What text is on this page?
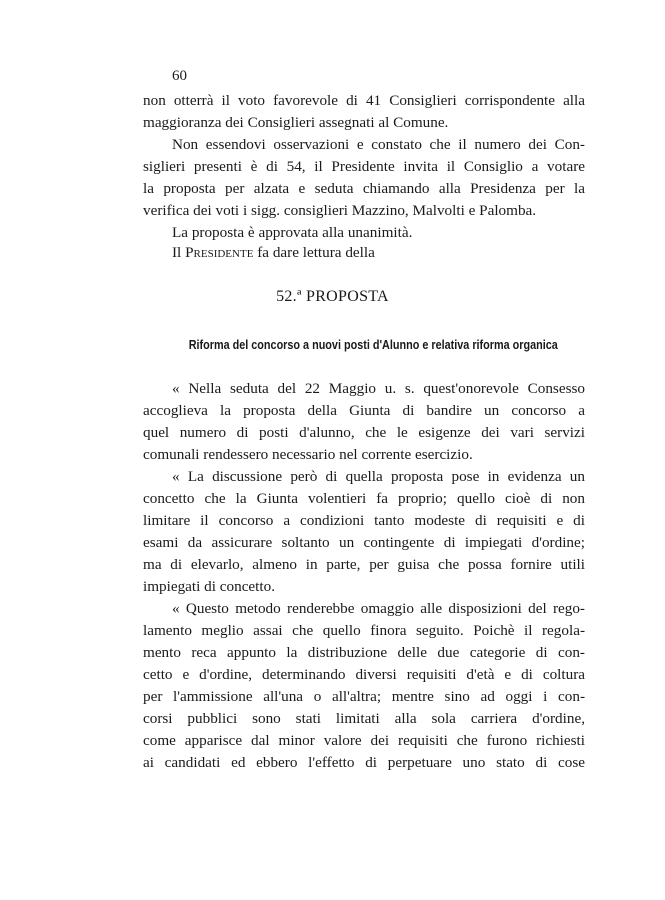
60

non otterrà il voto favorevole di 41 Consiglieri corrispondente alla

maggioranza dei Consiglieri assegnati al Comune.

Non essendovi osservazioni e constato che il numero dei Con-

siglieri presenti è di 54, il Presidente invita il Consiglio a votare

la proposta per alzata e seduta chiamando alla Presidenza per la

verifica dei voti i sigg. consiglieri Mazzino, Malvolti e Palomba.

La proposta è approvata alla unanimità.

Il Presidente fa dare lettura della

52.ª PROPOSTA

Riforma del concorso a nuovi posti d'Alunno e relativa riforma organica

« Nella seduta del 22 Maggio u. s. quest'onorevole Consesso

accoglieva la proposta della Giunta di bandire un concorso a

quel numero di posti d'alunno, che le esigenze dei vari servizi

comunali rendessero necessario nel corrente esercizio.

« La discussione però di quella proposta pose in evidenza un

concetto che la Giunta volentieri fa proprio; quello cioè di non

limitare il concorso a condizioni tanto modeste di requisiti e di

esami da assicurare soltanto un contingente di impiegati d'ordine;

ma di elevarlo, almeno in parte, per guisa che possa fornire utili

impiegati di concetto.

« Questo metodo renderebbe omaggio alle disposizioni del rego-

lamento meglio assai che quello finora seguito. Poichè il regola-

mento reca appunto la distribuzione delle due categorie di con-

cetto e d'ordine, determinando diversi requisiti d'età e di coltura

per l'ammissione all'una o all'altra; mentre sino ad oggi i con-

corsi pubblici sono stati limitati alla sola carriera d'ordine,

come apparisce dal minor valore dei requisiti che furono richiesti

ai candidati ed ebbero l'effetto di perpetuare uno stato di cose
